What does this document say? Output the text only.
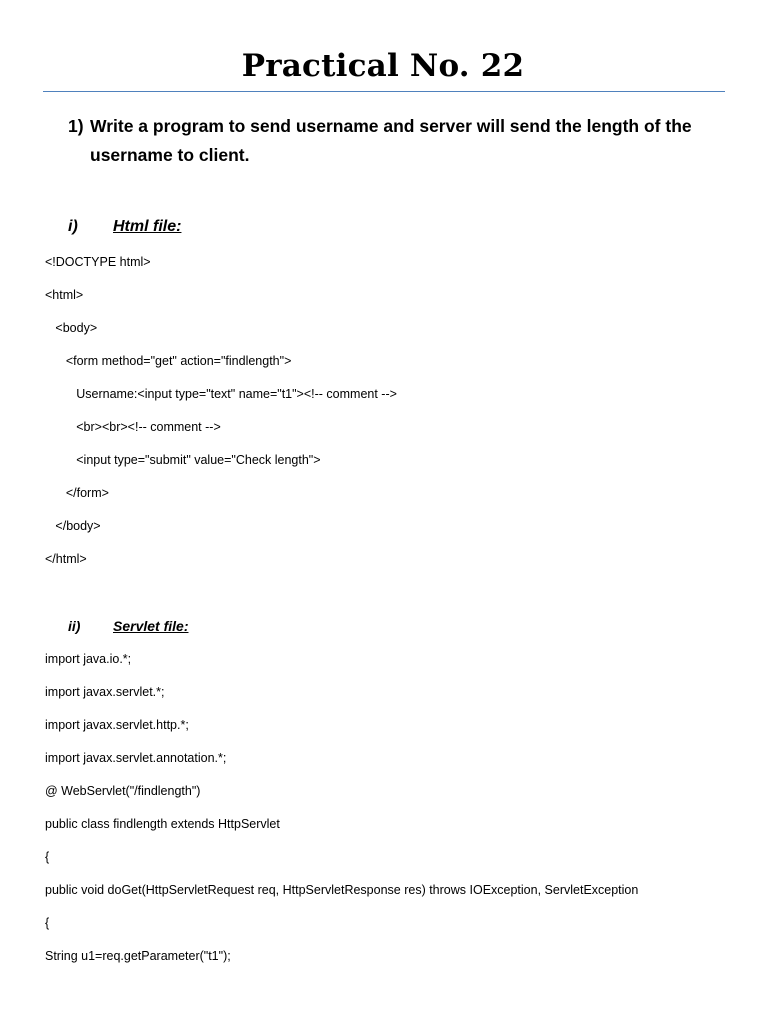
Practical No. 22
1) Write a program to send username and server will send the length of the username to client.
i) Html file:
<!DOCTYPE html>
<html>
<body>
<form method="get" action="findlength">
Username:<input type="text" name="t1"><!-- comment -->
<br><br><!-- comment -->
<input type="submit" value="Check length">
</form>
</body>
</html>
ii) Servlet file:
import java.io.*;
import javax.servlet.*;
import javax.servlet.http.*;
import javax.servlet.annotation.*;
@ WebServlet("/findlength")
public class findlength extends HttpServlet
{
public void doGet(HttpServletRequest req, HttpServletResponse res) throws IOException, ServletException
{
String u1=req.getParameter("t1");
